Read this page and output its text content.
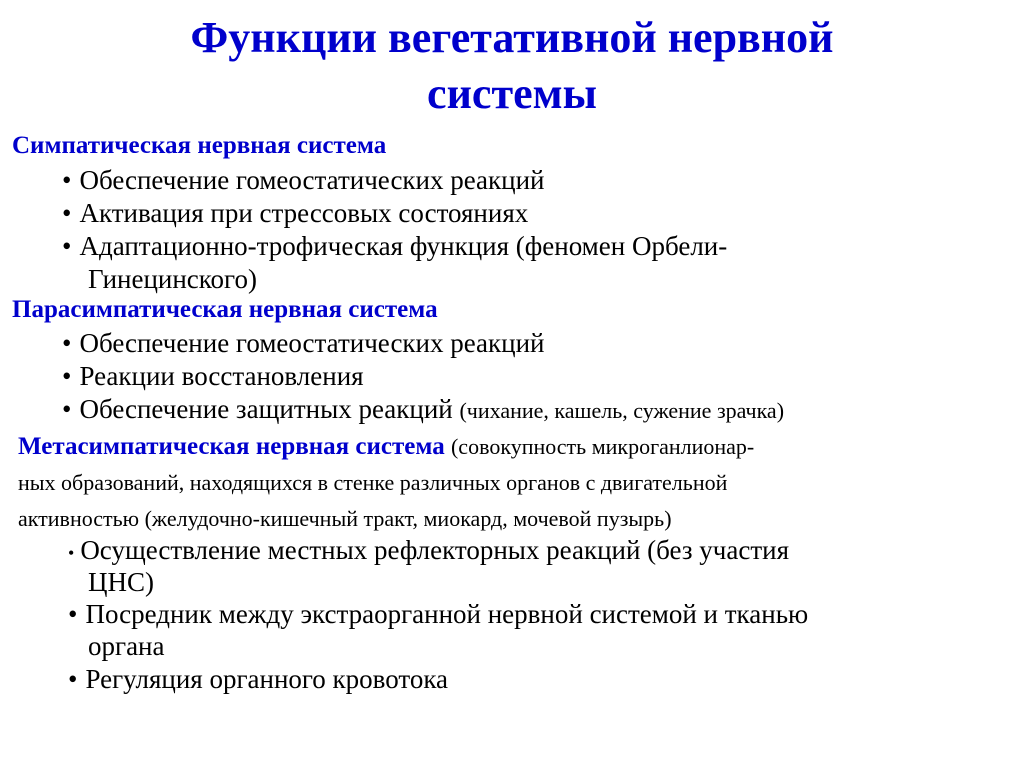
Функции вегетативной нервной
системы
Симпатическая нервная система
• Обеспечение гомеостатических реакций
• Активация при стрессовых состояниях
• Адаптационно-трофическая функция (феномен Орбели-
Гинецинского)
Парасимпатическая нервная система
• Обеспечение гомеостатических реакций
• Реакции восстановления
• Обеспечение защитных реакций (чихание, кашель, сужение зрачка)
Метасимпатическая нервная система (совокупность микроганлионар-
ных образований, находящихся в стенке различных органов с двигательной
активностью (желудочно-кишечный тракт, миокард, мочевой пузырь)
• Осуществление местных рефлекторных реакций (без участия
ЦНС)
• Посредник между экстраорганной нервной системой и тканью
органа
• Регуляция органного кровотока
